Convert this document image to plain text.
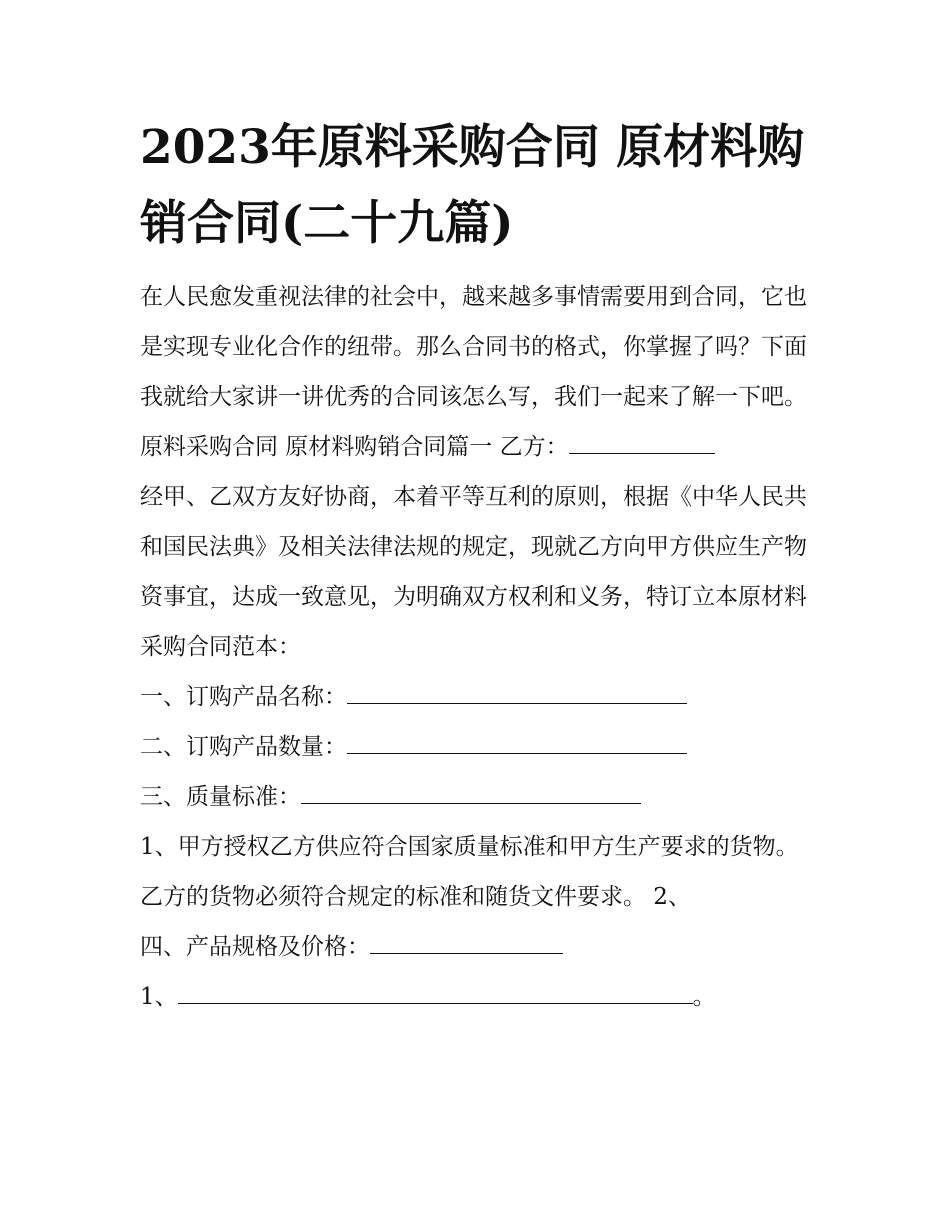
2023年原料采购合同 原材料购销合同(二十九篇)

在人民愈发重视法律的社会中，越来越多事情需要用到合同，它也是实现专业化合作的纽带。那么合同书的格式，你掌握了吗？下面我就给大家讲一讲优秀的合同该怎么写，我们一起来了解一下吧。

原料采购合同 原材料购销合同篇一 乙方：

经甲、乙双方友好协商，本着平等互利的原则，根据《中华人民共和国民法典》及相关法律法规的规定，现就乙方向甲方供应生产物资事宜，达成一致意见，为明确双方权利和义务，特订立本原材料采购合同范本：

一、订购产品名称：

二、订购产品数量：

三、质量标准：

1、甲方授权乙方供应符合国家质量标准和甲方生产要求的货物。乙方的货物必须符合规定的标准和随货文件要求。 2、

四、产品规格及价格：

1、	。
